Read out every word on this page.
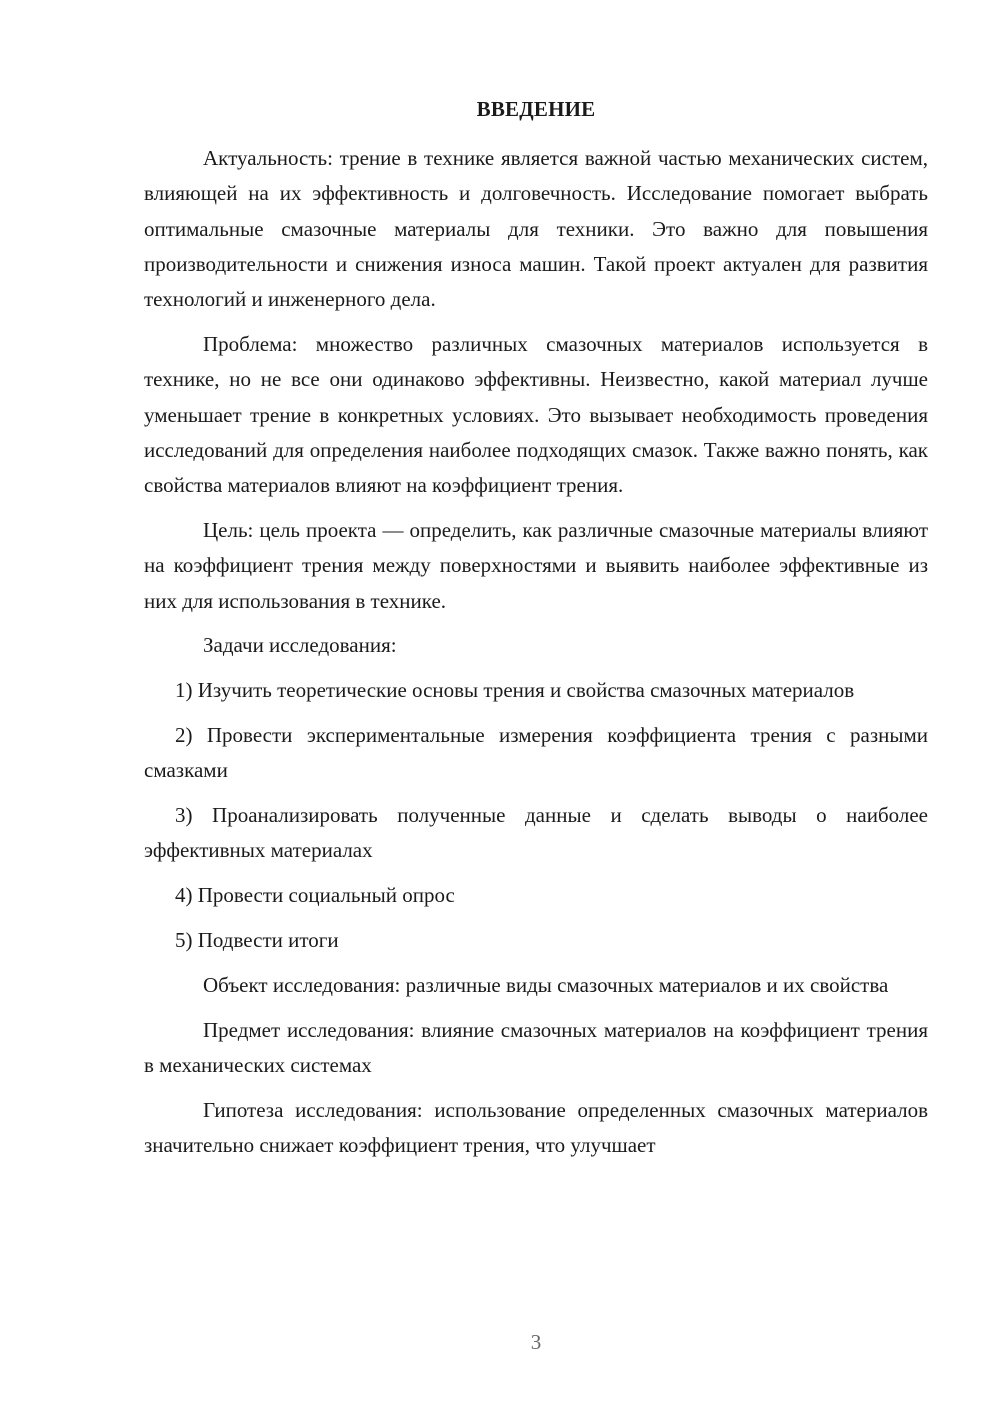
ВВЕДЕНИЕ

Актуальность: трение в технике является важной частью механических систем, влияющей на их эффективность и долговечность. Исследование помогает выбрать оптимальные смазочные материалы для техники. Это важно для повышения производительности и снижения износа машин. Такой проект актуален для развития технологий и инженерного дела.

Проблема: множество различных смазочных материалов используется в технике, но не все они одинаково эффективны. Неизвестно, какой материал лучше уменьшает трение в конкретных условиях. Это вызывает необходимость проведения исследований для определения наиболее подходящих смазок. Также важно понять, как свойства материалов влияют на коэффициент трения.

Цель: цель проекта — определить, как различные смазочные материалы влияют на коэффициент трения между поверхностями и выявить наиболее эффективные из них для использования в технике.

Задачи исследования:

1) Изучить теоретические основы трения и свойства смазочных материалов

2) Провести экспериментальные измерения коэффициента трения с разными смазками

3) Проанализировать полученные данные и сделать выводы о наиболее эффективных материалах

4) Провести социальный опрос

5) Подвести итоги

Объект исследования: различные виды смазочных материалов и их свойства

Предмет исследования: влияние смазочных материалов на коэффициент трения в механических системах

Гипотеза исследования: использование определенных смазочных материалов значительно снижает коэффициент трения, что улучшает

3
